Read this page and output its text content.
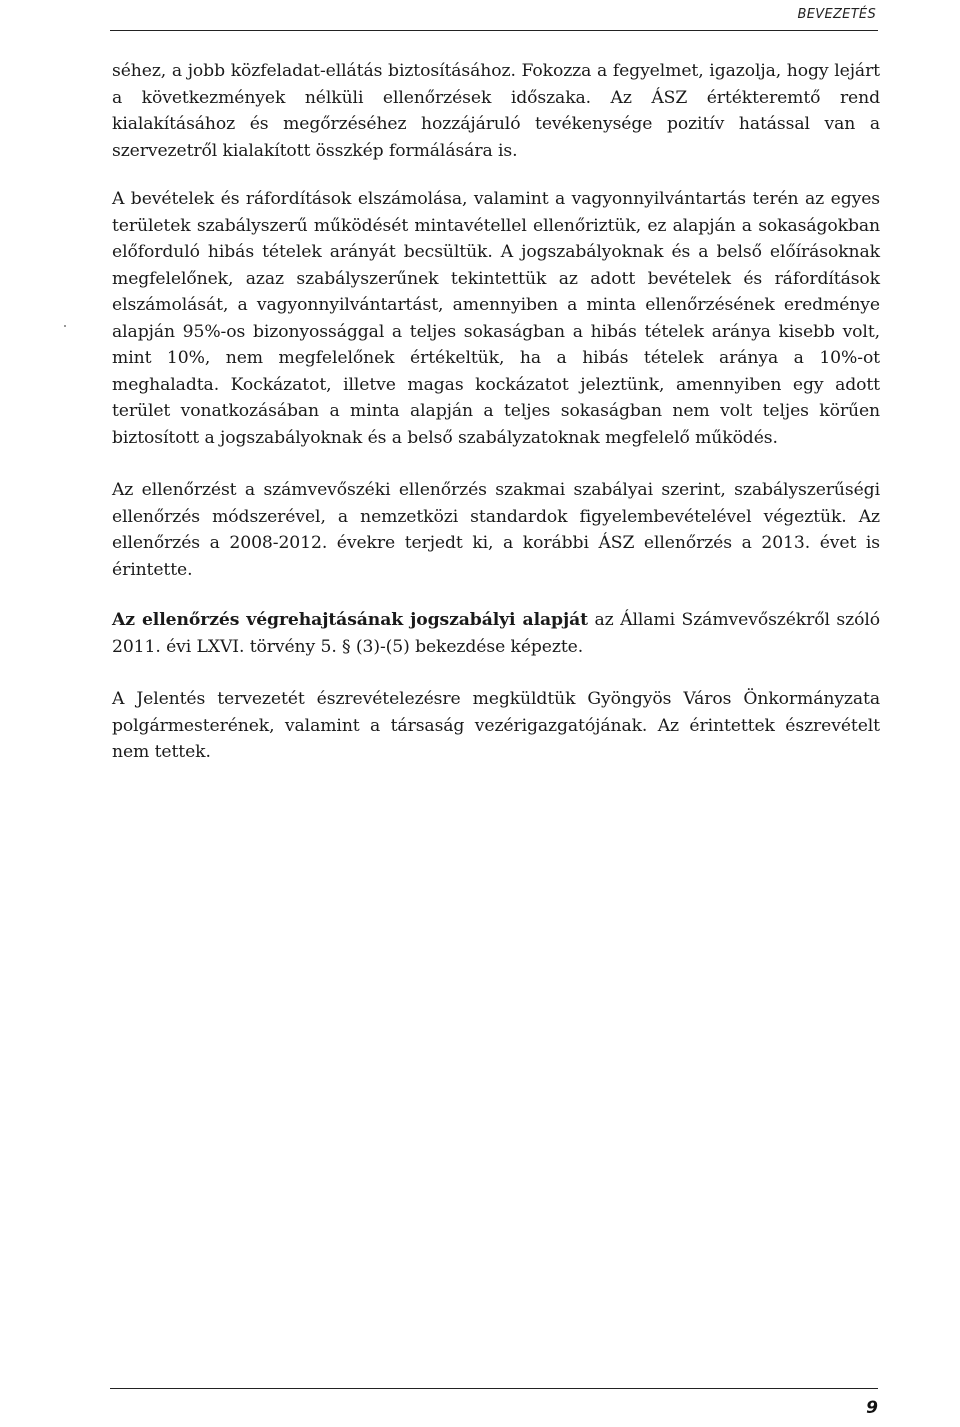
BEVEZETÉS

séhez, a jobb közfeladat-ellátás biztosításához. Fokozza a fegyelmet, igazolja, hogy lejárt a következmények nélküli ellenőrzések időszaka. Az ÁSZ értékteremtő rend kialakításához és megőrzéséhez hozzájáruló tevékenysége pozitív hatással van a szervezetről kialakított összkép formálására is.

A bevételek és ráfordítások elszámolása, valamint a vagyonnyilvántartás terén az egyes területek szabályszerű működését mintavétellel ellenőriztük, ez alapján a sokaságokban előforduló hibás tételek arányát becsültük. A jogszabályoknak és a belső előírásoknak megfelelőnek, azaz szabályszerűnek tekintettük az adott bevételek és ráfordítások elszámolását, a vagyonnyilvántartást, amennyiben a minta ellenőrzésének eredménye alapján 95%-os bizonyossággal a teljes sokaságban a hibás tételek aránya kisebb volt, mint 10%, nem megfelelőnek értékeltük, ha a hibás tételek aránya a 10%-ot meghaladta. Kockázatot, illetve magas kockázatot jeleztünk, amennyiben egy adott terület vonatkozásában a minta alapján a teljes sokaságban nem volt teljes körűen biztosított a jogszabályoknak és a belső szabályzatoknak megfelelő működés.

Az ellenőrzést a számvevőszéki ellenőrzés szakmai szabályai szerint, szabályszerűségi ellenőrzés módszerével, a nemzetközi standardok figyelembevételével végeztük. Az ellenőrzés a 2008-2012. évekre terjedt ki, a korábbi ÁSZ ellenőrzés a 2013. évet is érintette.

Az ellenőrzés végrehajtásának jogszabályi alapját az Állami Számvevőszékről szóló 2011. évi LXVI. törvény 5. § (3)-(5) bekezdése képezte.

A Jelentés tervezetét észrevételezésre megküldtük Gyöngyös Város Önkormányzata polgármesterének, valamint a társaság vezérigazgatójának. Az érintettek észrevételt nem tettek.

9
